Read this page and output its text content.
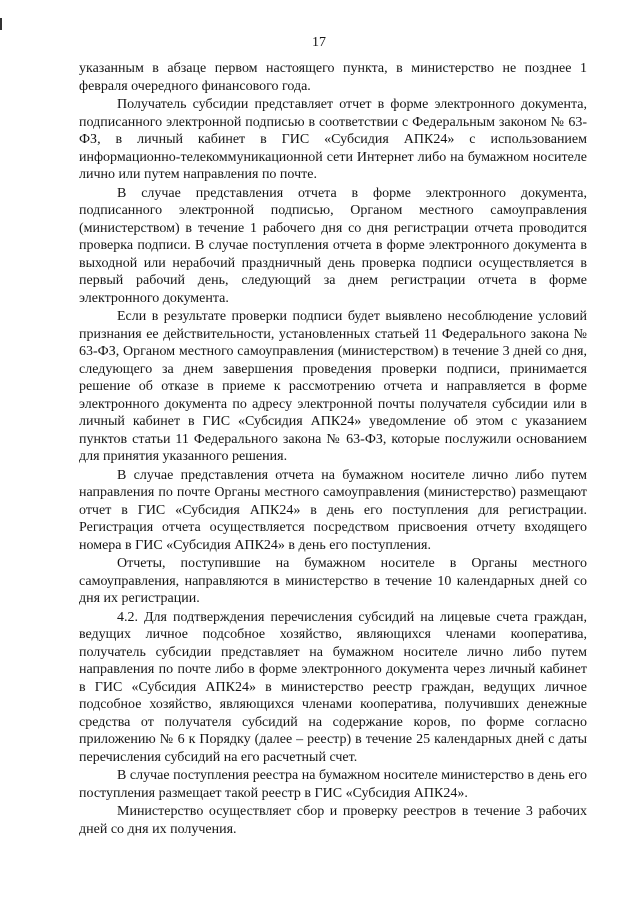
17

указанным в абзаце первом настоящего пункта, в министерство не позднее 1 февраля очередного финансового года.

Получатель субсидии представляет отчет в форме электронного документа, подписанного электронной подписью в соответствии с Федеральным законом № 63-ФЗ, в личный кабинет в ГИС «Субсидия АПК24» с использованием информационно-телекоммуникационной сети Интернет либо на бумажном носителе лично или путем направления по почте.

В случае представления отчета в форме электронного документа, подписанного электронной подписью, Органом местного самоуправления (министерством) в течение 1 рабочего дня со дня регистрации отчета проводится проверка подписи. В случае поступления отчета в форме электронного документа в выходной или нерабочий праздничный день проверка подписи осуществляется в первый рабочий день, следующий за днем регистрации отчета в форме электронного документа.

Если в результате проверки подписи будет выявлено несоблюдение условий признания ее действительности, установленных статьей 11 Федерального закона № 63-ФЗ, Органом местного самоуправления (министерством) в течение 3 дней со дня, следующего за днем завершения проведения проверки подписи, принимается решение об отказе в приеме к рассмотрению отчета и направляется в форме электронного документа по адресу электронной почты получателя субсидии или в личный кабинет в ГИС «Субсидия АПК24» уведомление об этом с указанием пунктов статьи 11 Федерального закона № 63-ФЗ, которые послужили основанием для принятия указанного решения.

В случае представления отчета на бумажном носителе лично либо путем направления по почте Органы местного самоуправления (министерство) размещают отчет в ГИС «Субсидия АПК24» в день его поступления для регистрации. Регистрация отчета осуществляется посредством присвоения отчету входящего номера в ГИС «Субсидия АПК24» в день его поступления.

Отчеты, поступившие на бумажном носителе в Органы местного самоуправления, направляются в министерство в течение 10 календарных дней со дня их регистрации.

4.2. Для подтверждения перечисления субсидий на лицевые счета граждан, ведущих личное подсобное хозяйство, являющихся членами кооператива, получатель субсидии представляет на бумажном носителе лично либо путем направления по почте либо в форме электронного документа через личный кабинет в ГИС «Субсидия АПК24» в министерство реестр граждан, ведущих личное подсобное хозяйство, являющихся членами кооператива, получивших денежные средства от получателя субсидий на содержание коров, по форме согласно приложению № 6 к Порядку (далее – реестр) в течение 25 календарных дней с даты перечисления субсидий на его расчетный счет.

В случае поступления реестра на бумажном носителе министерство в день его поступления размещает такой реестр в ГИС «Субсидия АПК24».

Министерство осуществляет сбор и проверку реестров в течение 3 рабочих дней со дня их получения.
